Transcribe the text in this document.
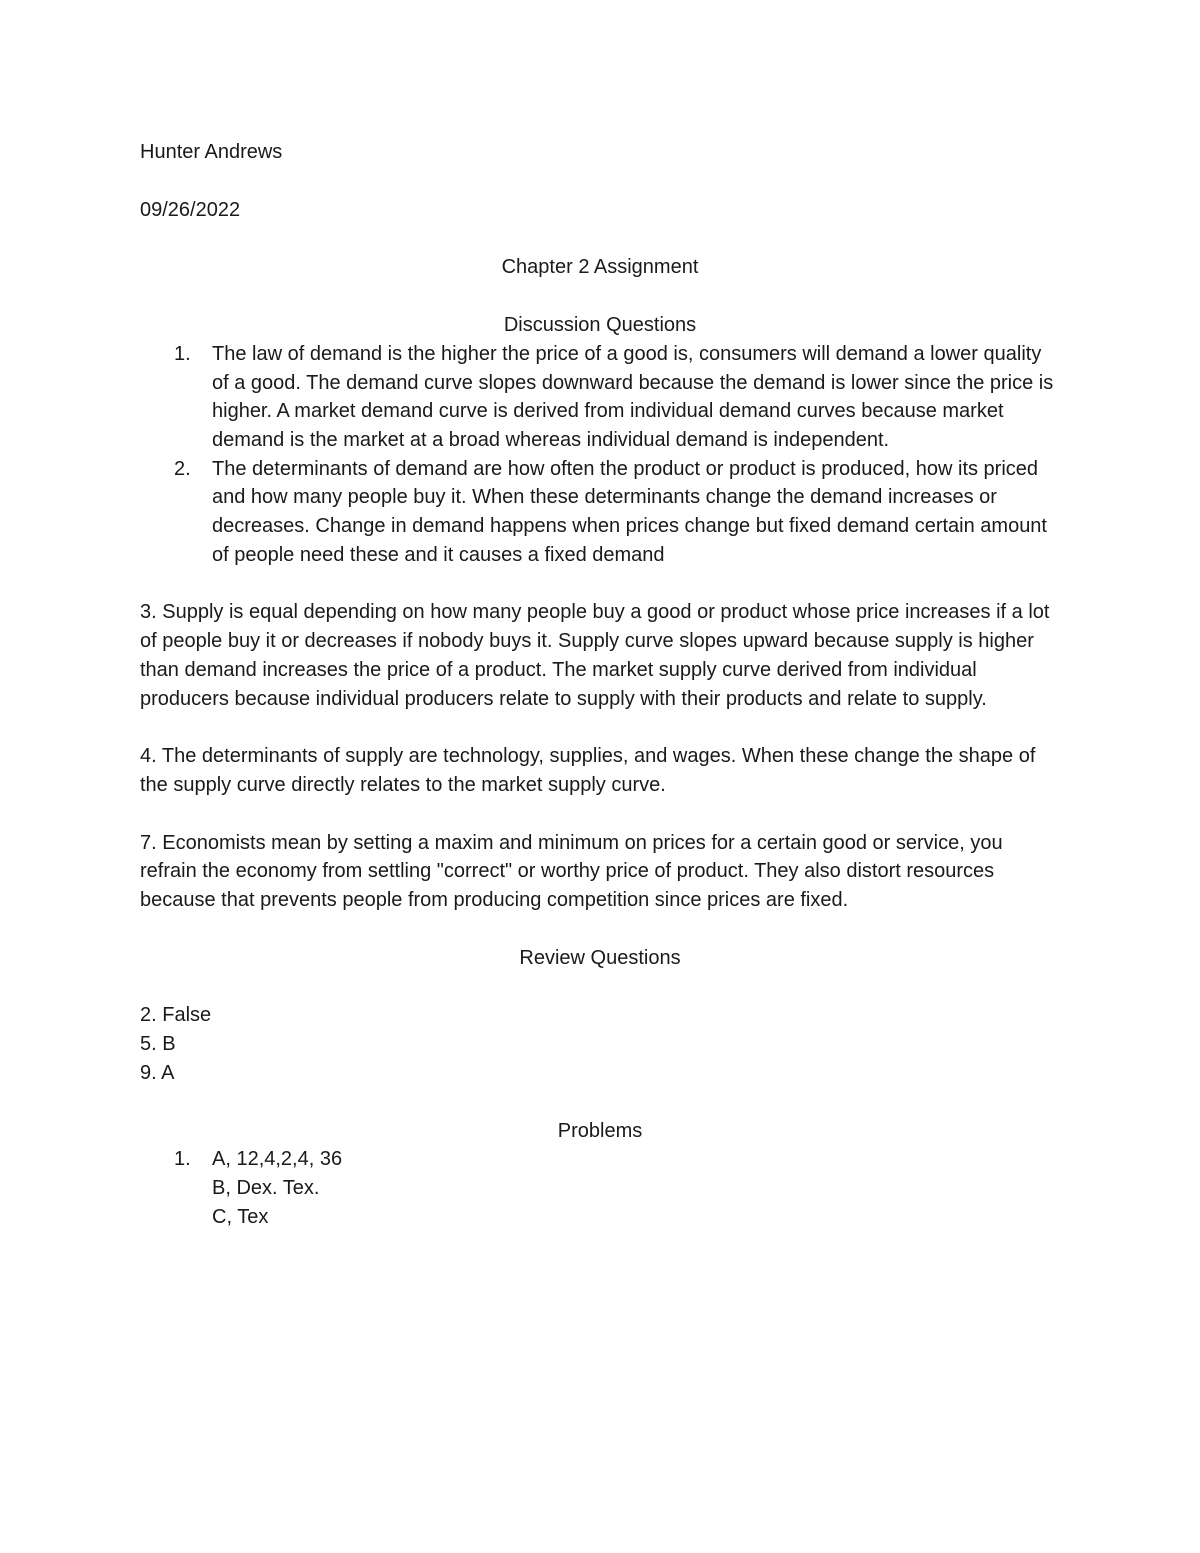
Hunter Andrews

09/26/2022

Chapter 2 Assignment

Discussion Questions

1. The law of demand is the higher the price of a good is, consumers will demand a lower quality of a good. The demand curve slopes downward because the demand is lower since the price is higher. A market demand curve is derived from individual demand curves because market demand is the market at a broad whereas individual demand is independent.
2. The determinants of demand are how often the product or product is produced, how its priced and how many people buy it. When these determinants change the demand increases or decreases. Change in demand happens when prices change but fixed demand certain amount of people need these and it causes a fixed demand

3. Supply is equal depending on how many people buy a good or product whose price increases if a lot of people buy it or decreases if nobody buys it. Supply curve slopes upward because supply is higher than demand increases the price of a product. The market supply curve derived from individual producers because individual producers relate to supply with their products and relate to supply.

4. The determinants of supply are technology, supplies, and wages. When these change the shape of the supply curve directly relates to the market supply curve.

7. Economists mean by setting a maxim and minimum on prices for a certain good or service, you refrain the economy from settling "correct" or worthy price of product. They also distort resources because that prevents people from producing competition since prices are fixed.

Review Questions

2. False

5. B

9. A

Problems

1. A, 12,4,2,4, 36
B, Dex. Tex.
C, Tex
